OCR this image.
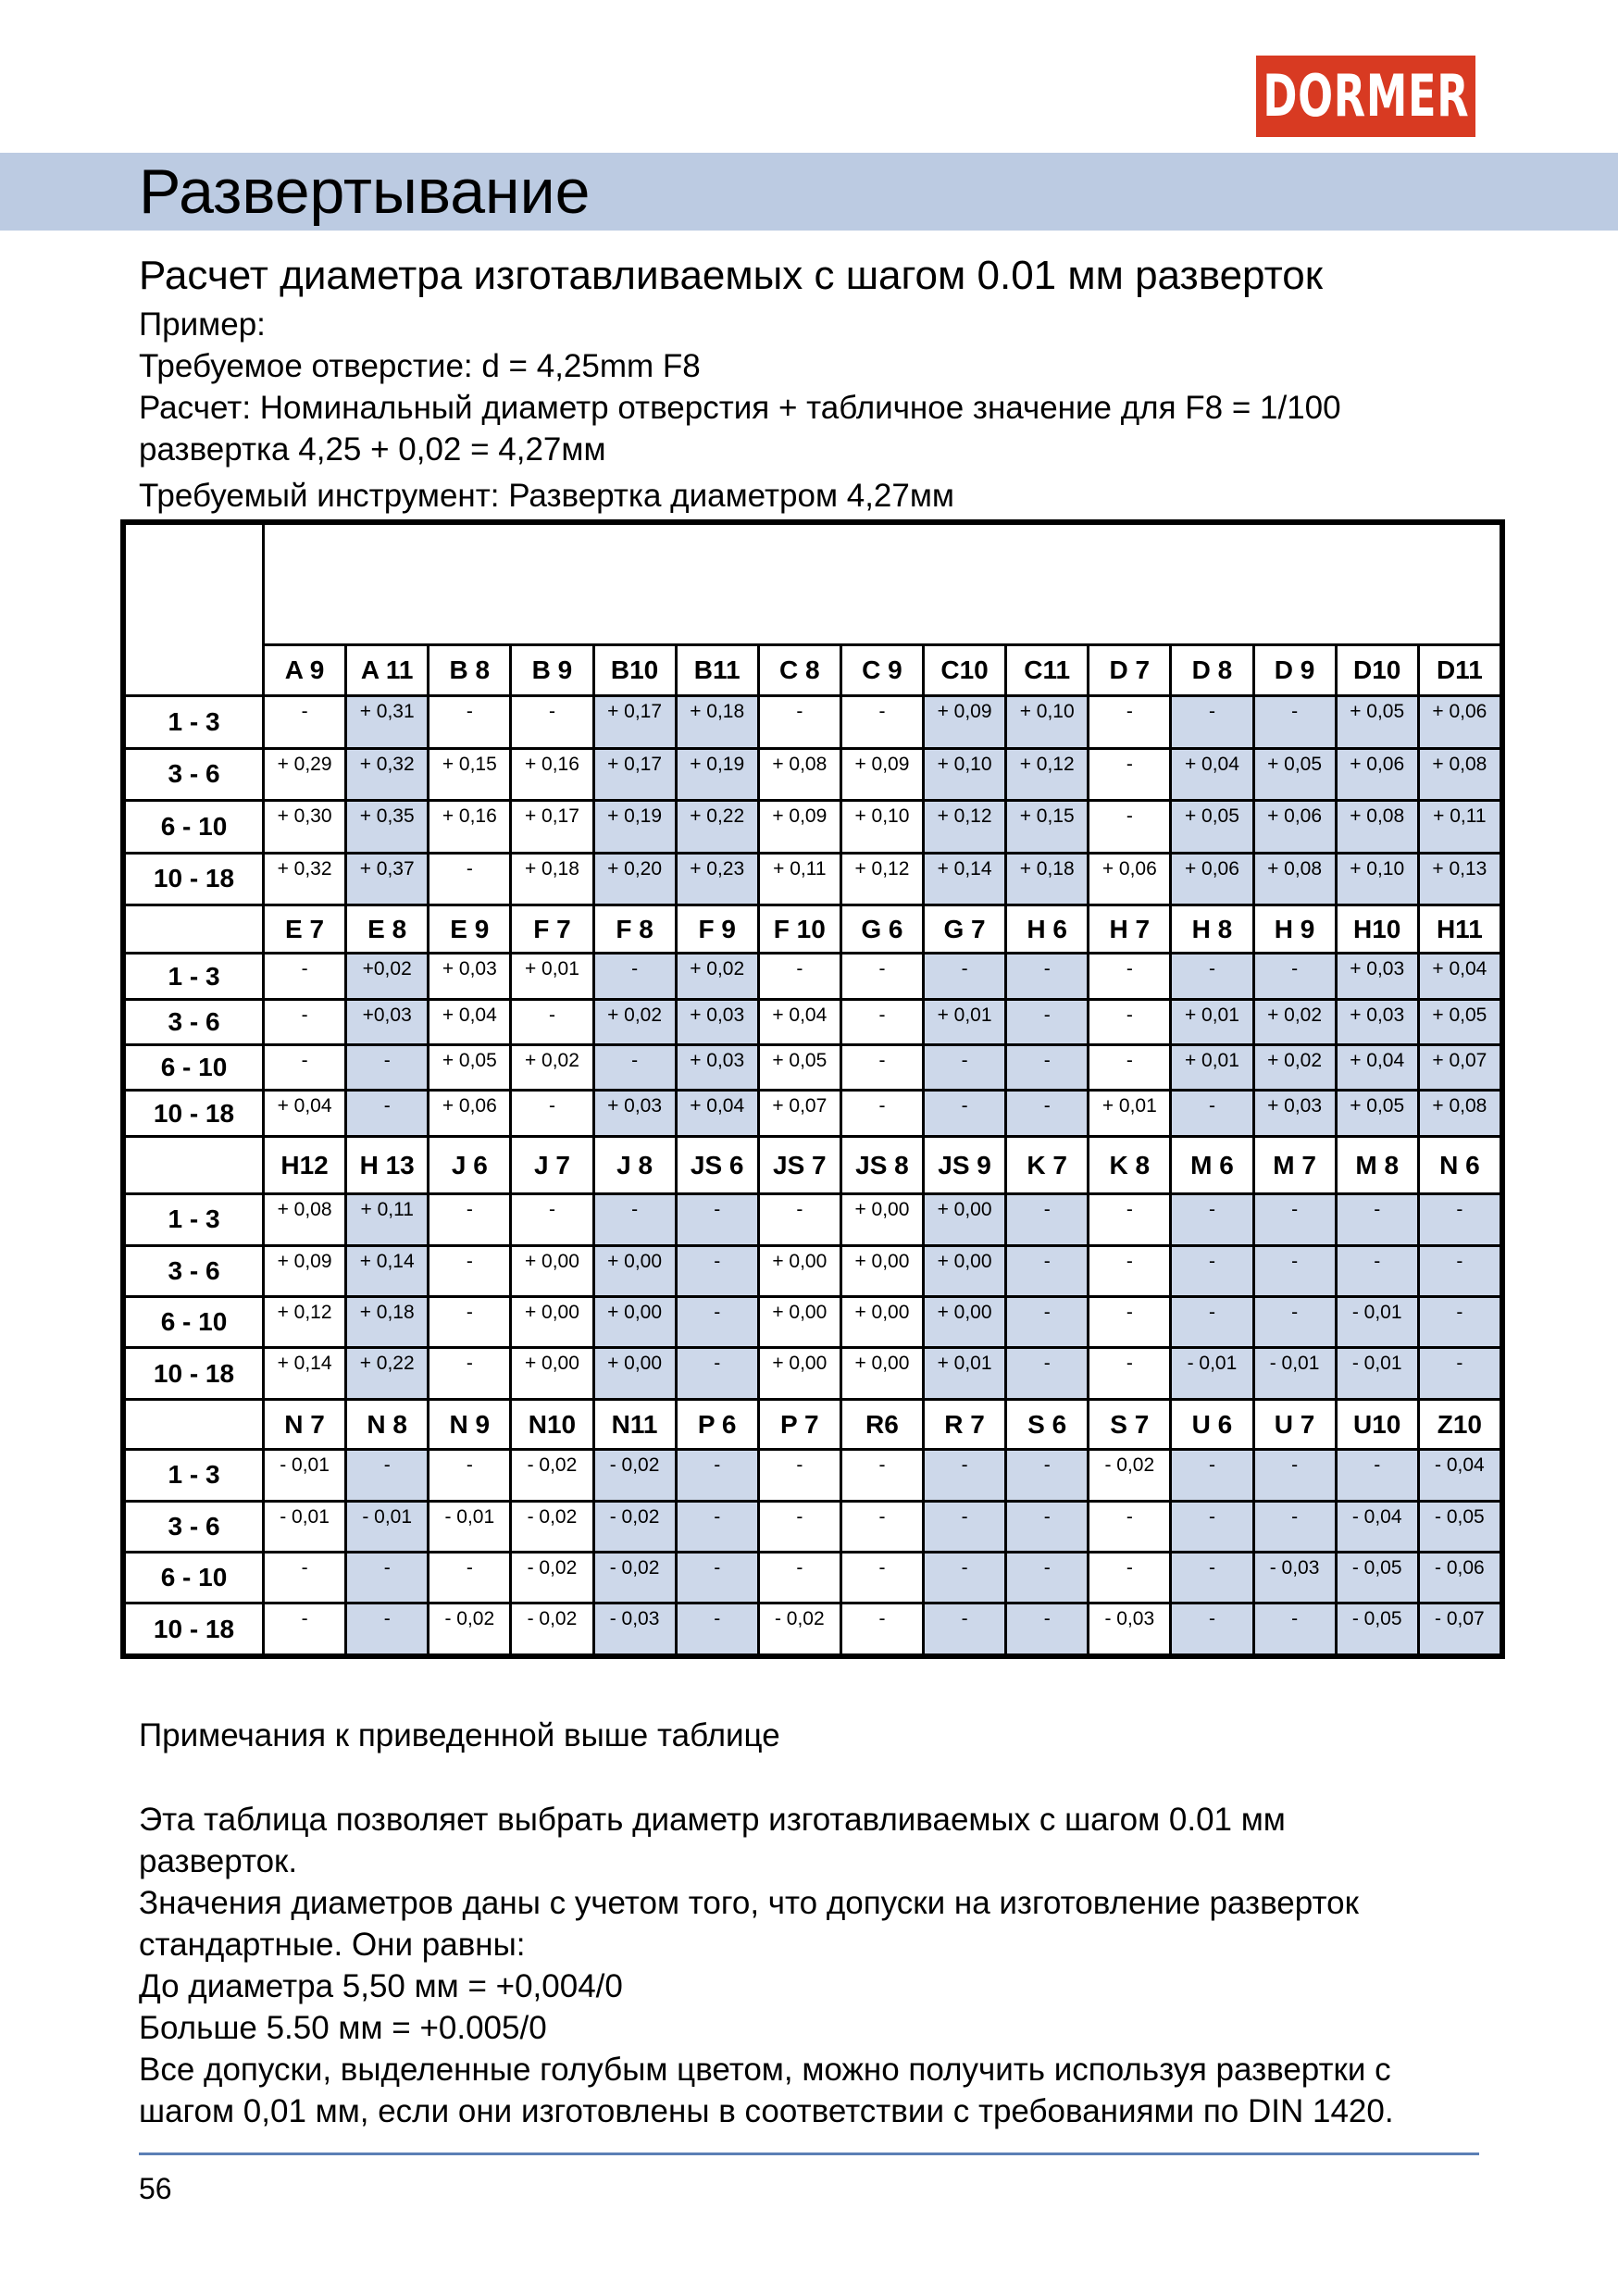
DORMER
Развертывание
Расчет диаметра изготавливаемых с шагом 0.01 мм разверток
Пример:
Требуемое отверстие: d = 4,25mm F8
Расчет: Номинальный диаметр отверстия + табличное значение для F8 = 1/100
развертка 4,25 + 0,02 = 4,27мм
Требуемый инструмент: Развертка диаметром 4,27мм

	A 9	A 11	B 8	B 9	B10	B11	C 8	C 9	C10	C11	D 7	D 8	D 9	D10	D11
1 - 3	-	+ 0,31	-	-	+ 0,17	+ 0,18	-	-	+ 0,09	+ 0,10	-	-	-	+ 0,05	+ 0,06
3 - 6	+ 0,29	+ 0,32	+ 0,15	+ 0,16	+ 0,17	+ 0,19	+ 0,08	+ 0,09	+ 0,10	+ 0,12	-	+ 0,04	+ 0,05	+ 0,06	+ 0,08
6 - 10	+ 0,30	+ 0,35	+ 0,16	+ 0,17	+ 0,19	+ 0,22	+ 0,09	+ 0,10	+ 0,12	+ 0,15	-	+ 0,05	+ 0,06	+ 0,08	+ 0,11
10 - 18	+ 0,32	+ 0,37	-	+ 0,18	+ 0,20	+ 0,23	+ 0,11	+ 0,12	+ 0,14	+ 0,18	+ 0,06	+ 0,06	+ 0,08	+ 0,10	+ 0,13
	E 7	E 8	E 9	F 7	F 8	F 9	F 10	G 6	G 7	H 6	H 7	H 8	H 9	H10	H11
1 - 3	-	+0,02	+ 0,03	+ 0,01	-	+ 0,02	-	-	-	-	-	-	-	+ 0,03	+ 0,04
3 - 6	-	+0,03	+ 0,04	-	+ 0,02	+ 0,03	+ 0,04	-	+ 0,01	-	-	+ 0,01	+ 0,02	+ 0,03	+ 0,05
6 - 10	-	-	+ 0,05	+ 0,02	-	+ 0,03	+ 0,05	-	-	-	-	+ 0,01	+ 0,02	+ 0,04	+ 0,07
10 - 18	+ 0,04	-	+ 0,06	-	+ 0,03	+ 0,04	+ 0,07	-	-	-	+ 0,01	-	+ 0,03	+ 0,05	+ 0,08
	H12	H 13	J 6	J 7	J 8	JS 6	JS 7	JS 8	JS 9	K 7	K 8	M 6	M 7	M 8	N 6
1 - 3	+ 0,08	+ 0,11	-	-	-	-	-	+ 0,00	+ 0,00	-	-	-	-	-	-
3 - 6	+ 0,09	+ 0,14	-	+ 0,00	+ 0,00	-	+ 0,00	+ 0,00	+ 0,00	-	-	-	-	-	-
6 - 10	+ 0,12	+ 0,18	-	+ 0,00	+ 0,00	-	+ 0,00	+ 0,00	+ 0,00	-	-	-	-	- 0,01	-
10 - 18	+ 0,14	+ 0,22	-	+ 0,00	+ 0,00	-	+ 0,00	+ 0,00	+ 0,01	-	-	- 0,01	- 0,01	- 0,01	-
	N 7	N 8	N 9	N10	N11	P 6	P 7	R6	R 7	S 6	S 7	U 6	U 7	U10	Z10
1 - 3	- 0,01	-	-	- 0,02	- 0,02	-	-	-	-	-	- 0,02	-	-	-	- 0,04
3 - 6	- 0,01	- 0,01	- 0,01	- 0,02	- 0,02	-	-	-	-	-	-	-	-	- 0,04	- 0,05
6 - 10	-	-	-	- 0,02	- 0,02	-	-	-	-	-	-	-	- 0,03	- 0,05	- 0,06
10 - 18	-	-	- 0,02	- 0,02	- 0,03	-	- 0,02	-	-	-	- 0,03	-	-	- 0,05	- 0,07

Примечания к приведенной выше таблице

Эта таблица позволяет выбрать диаметр изготавливаемых с шагом 0.01 мм

разверток.

Значения диаметров даны с учетом того, что допуски на изготовление разверток

стандартные. Они равны:

До диаметра 5,50 мм = +0,004/0

Больше 5.50 мм = +0.005/0

Все допуски, выделенные голубым цветом, можно получить используя развертки с

шагом 0,01 мм, если они изготовлены в соответствии с требованиями по DIN 1420.

56
